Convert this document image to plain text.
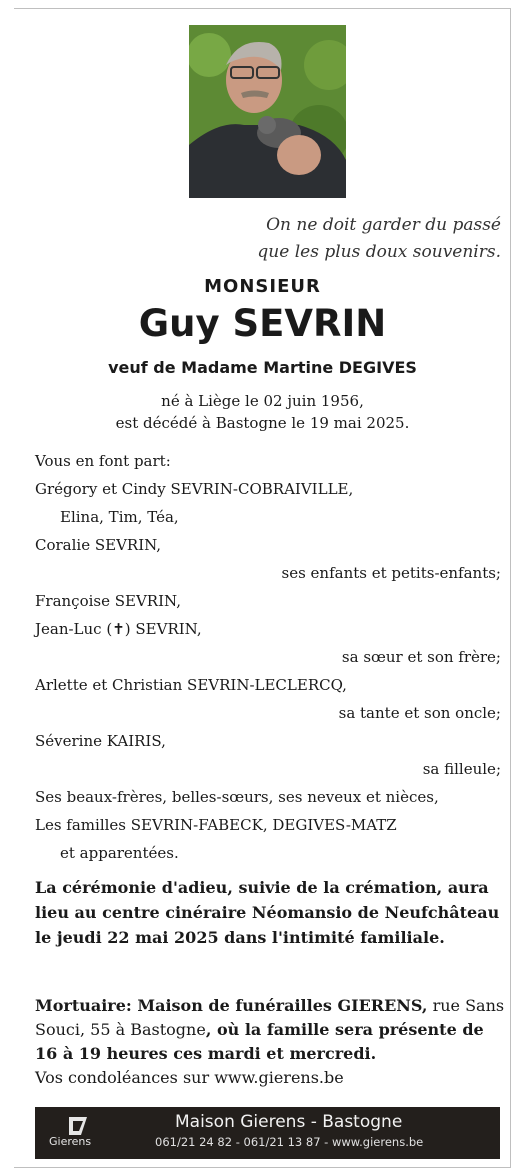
On ne doit garder du passé
que les plus doux souvenirs.
MONSIEUR
Guy SEVRIN
veuf de Madame Martine DEGIVES
né à Liège le 02 juin 1956,
est décédé à Bastogne le 19 mai 2025.
Vous en font part:
Grégory et Cindy SEVRIN-COBRAIVILLE,
Elina, Tim, Téa,
Coralie SEVRIN,
ses enfants et petits-enfants;
Françoise SEVRIN,
Jean-Luc (✝) SEVRIN,
sa sœur et son frère;
Arlette et Christian SEVRIN-LECLERCQ,
sa tante et son oncle;
Séverine KAIRIS,
sa filleule;
Ses beaux-frères, belles-sœurs, ses neveux et nièces,
Les familles SEVRIN-FABECK, DEGIVES-MATZ
et apparentées.
La cérémonie d'adieu, suivie de la crémation, aura lieu au centre cinéraire Néomansio de Neufchâteau le jeudi 22 mai 2025 dans l'intimité familiale.
Mortuaire: Maison de funérailles GIERENS, rue Sans Souci, 55 à Bastogne, où la famille sera présente de 16 à 19 heures ces mardi et mercredi.
Vos condoléances sur www.gierens.be
Gierens
Maison Gierens - Bastogne
061/21 24 82 - 061/21 13 87 - www.gierens.be
